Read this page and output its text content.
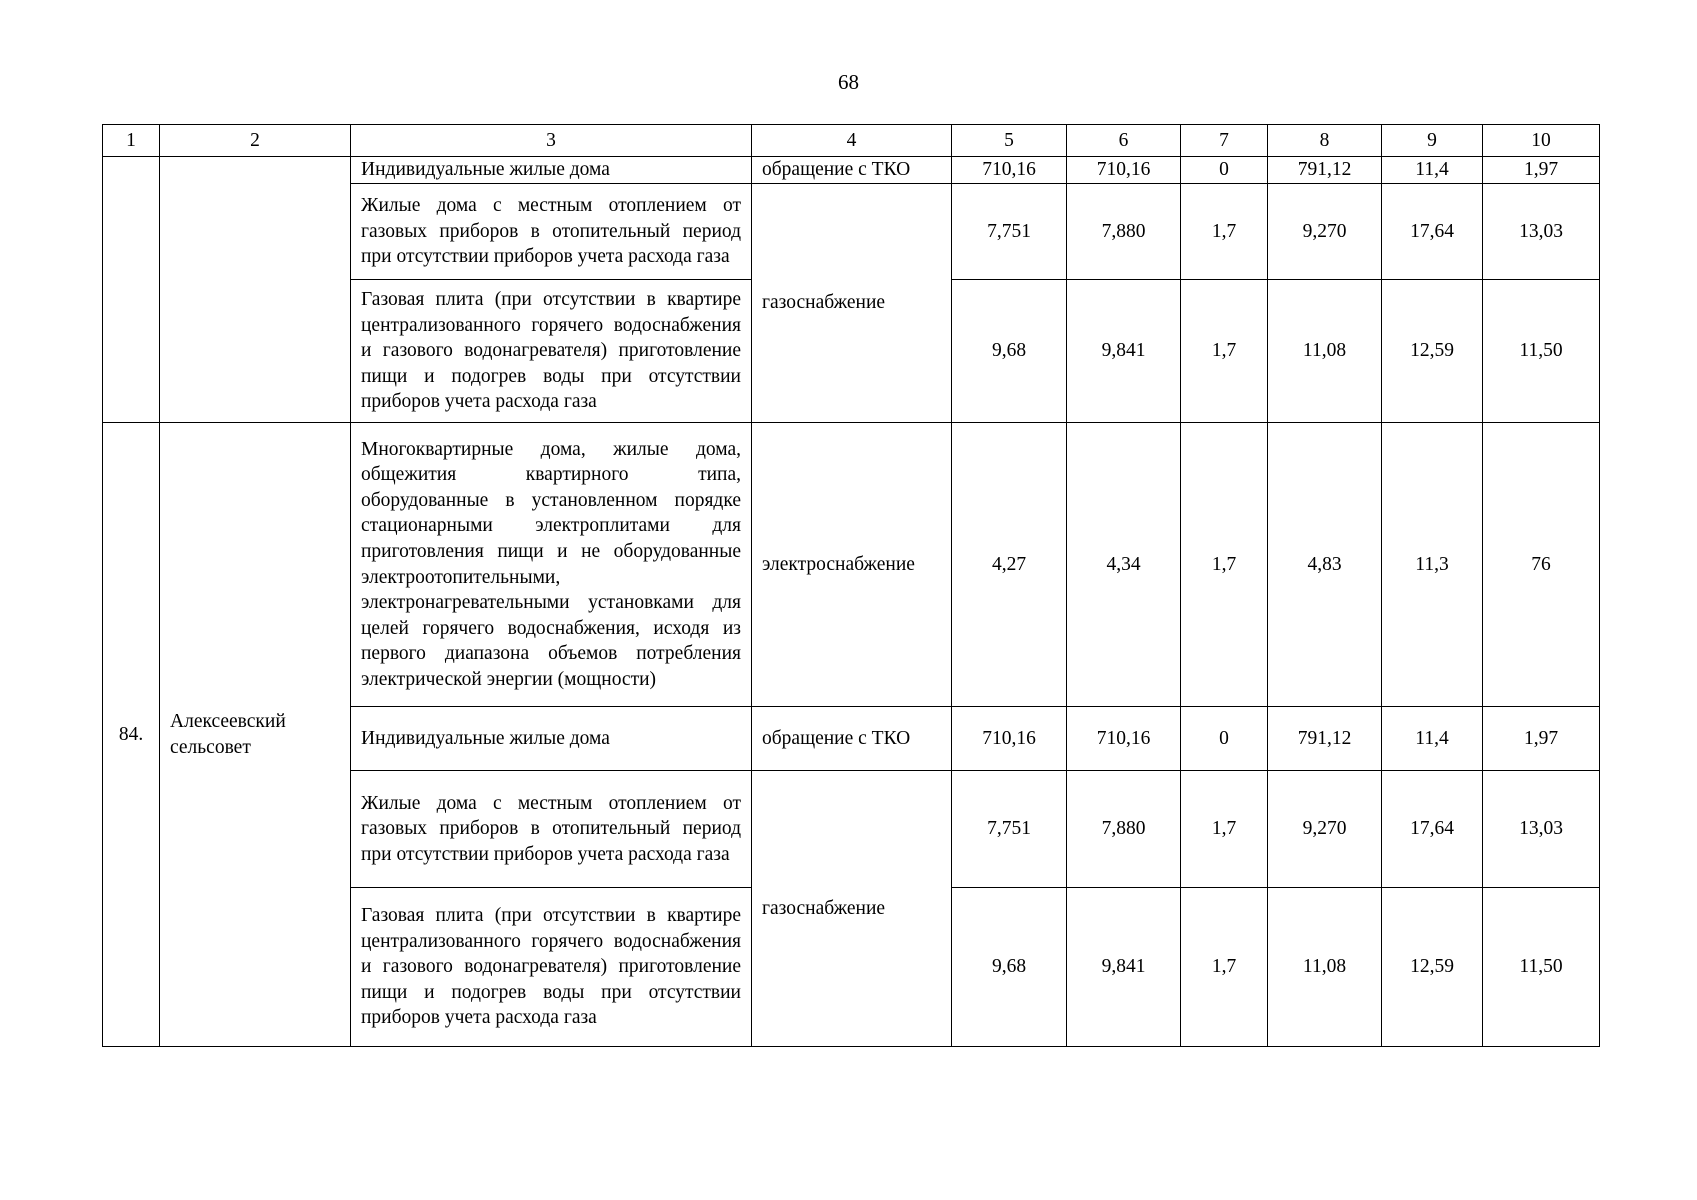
68
1	2	3	4	5	6	7	8	9	10
		Индивидуальные жилые дома	обращение с ТКО	710,16	710,16	0	791,12	11,4	1,97
		Жилые дома с местным отоплением от газовых приборов в отопительный период при отсутствии приборов учета расхода газа	газоснабжение	7,751	7,880	1,7	9,270	17,64	13,03
		Газовая плита (при отсутствии в квартире централизованного горячего водоснабжения и газового водонагревателя) приготовление пищи и подогрев воды при отсутствии приборов учета расхода газа		9,68	9,841	1,7	11,08	12,59	11,50
84.	Алексеевский сельсовет	Многоквартирные дома, жилые дома, общежития квартирного типа, оборудованные в установленном порядке стационарными электроплитами для приготовления пищи и не оборудованные электроотопительными, электронагревательными установками для целей горячего водоснабжения, исходя из первого диапазона объемов потребления электрической энергии (мощности)	электроснабжение	4,27	4,34	1,7	4,83	11,3	76
		Индивидуальные жилые дома	обращение с ТКО	710,16	710,16	0	791,12	11,4	1,97
		Жилые дома с местным отоплением от газовых приборов в отопительный период при отсутствии приборов учета расхода газа	газоснабжение	7,751	7,880	1,7	9,270	17,64	13,03
		Газовая плита (при отсутствии в квартире централизованного горячего водоснабжения и газового водонагревателя) приготовление пищи и подогрев воды при отсутствии приборов учета расхода газа		9,68	9,841	1,7	11,08	12,59	11,50
